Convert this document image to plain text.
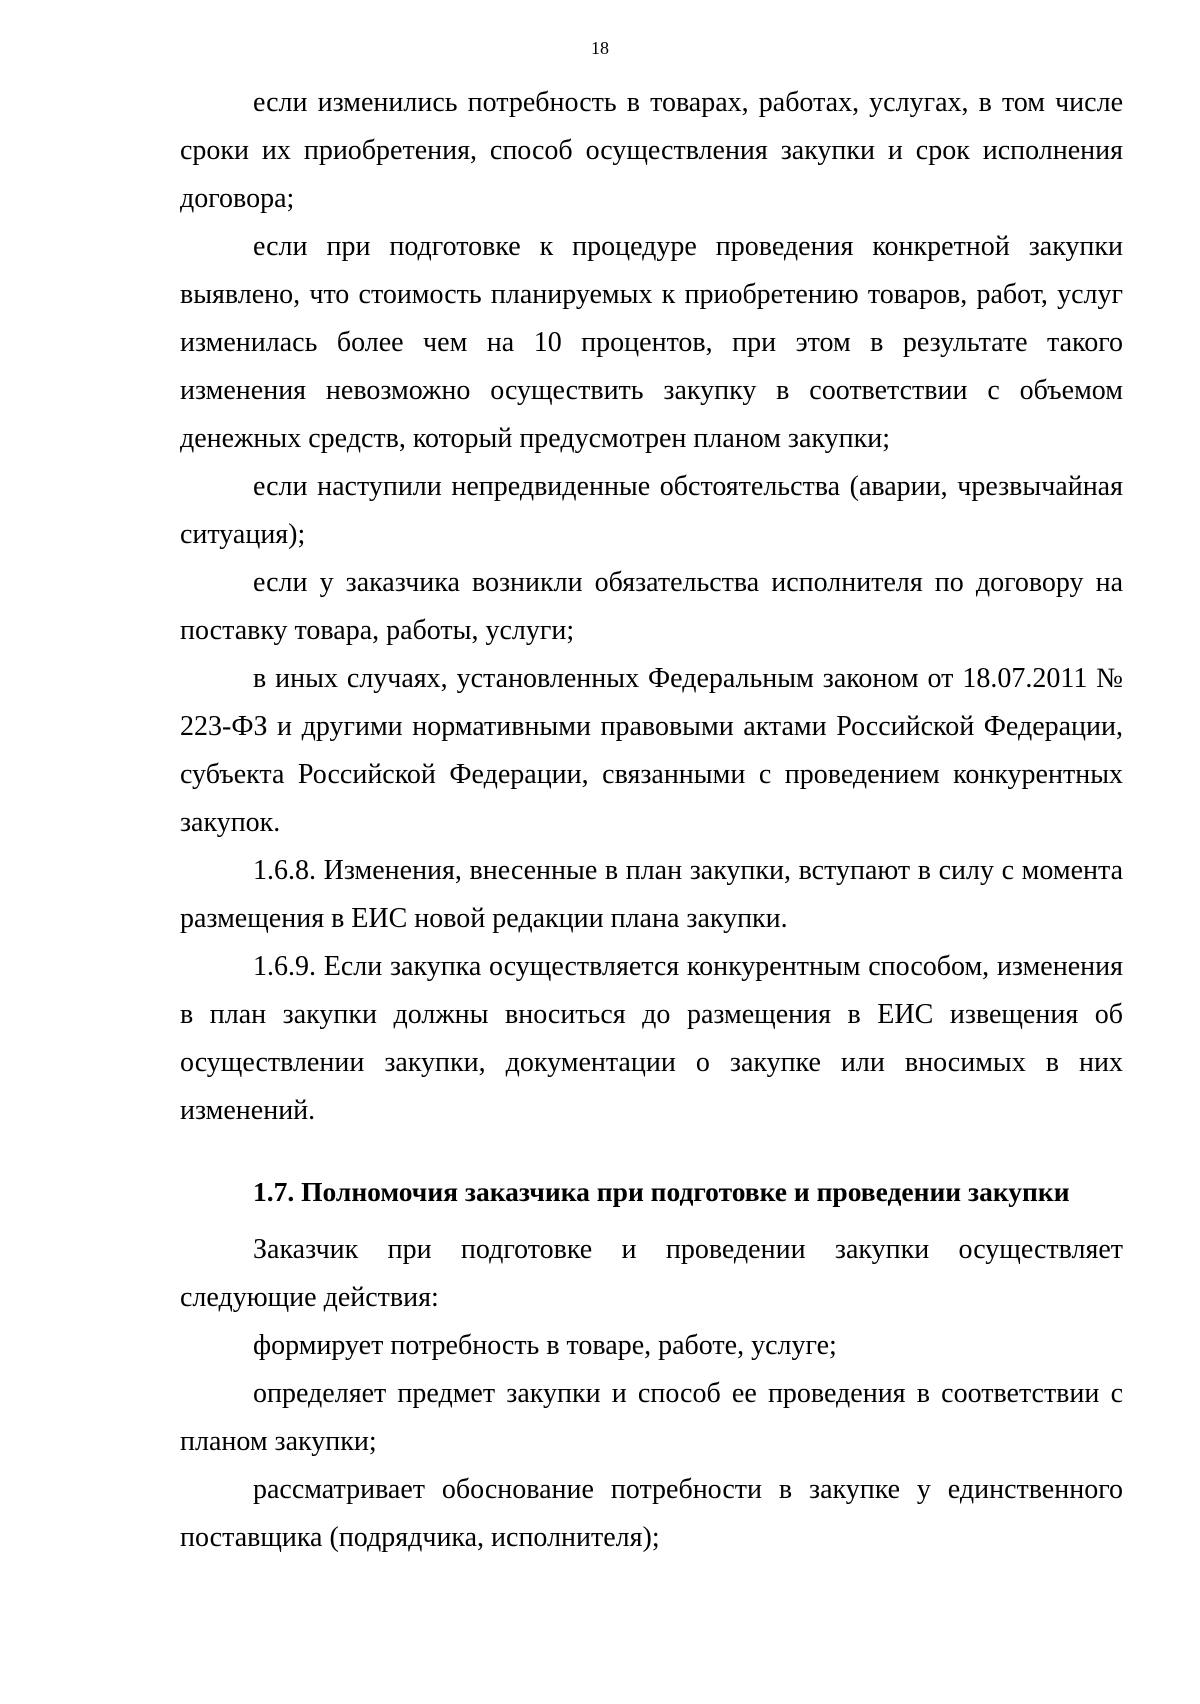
18

если изменились потребность в товарах, работах, услугах, в том числе сроки их приобретения, способ осуществления закупки и срок исполнения договора;

если при подготовке к процедуре проведения конкретной закупки выявлено, что стоимость планируемых к приобретению товаров, работ, услуг изменилась более чем на 10 процентов, при этом в результате такого изменения невозможно осуществить закупку в соответствии с объемом денежных средств, который предусмотрен планом закупки;

если наступили непредвиденные обстоятельства (аварии, чрезвычайная ситуация);

если у заказчика возникли обязательства исполнителя по договору на поставку товара, работы, услуги;

в иных случаях, установленных Федеральным законом от 18.07.2011 № 223-ФЗ и другими нормативными правовыми актами Российской Федерации, субъекта Российской Федерации, связанными с проведением конкурентных закупок.

1.6.8. Изменения, внесенные в план закупки, вступают в силу с момента размещения в ЕИС новой редакции плана закупки.

1.6.9. Если закупка осуществляется конкурентным способом, изменения в план закупки должны вноситься до размещения в ЕИС извещения об осуществлении закупки, документации о закупке или вносимых в них изменений.

1.7. Полномочия заказчика при подготовке и проведении закупки

Заказчик при подготовке и проведении закупки осуществляет следующие действия:

формирует потребность в товаре, работе, услуге;

определяет предмет закупки и способ ее проведения в соответствии с планом закупки;

рассматривает обоснование потребности в закупке у единственного поставщика (подрядчика, исполнителя);
